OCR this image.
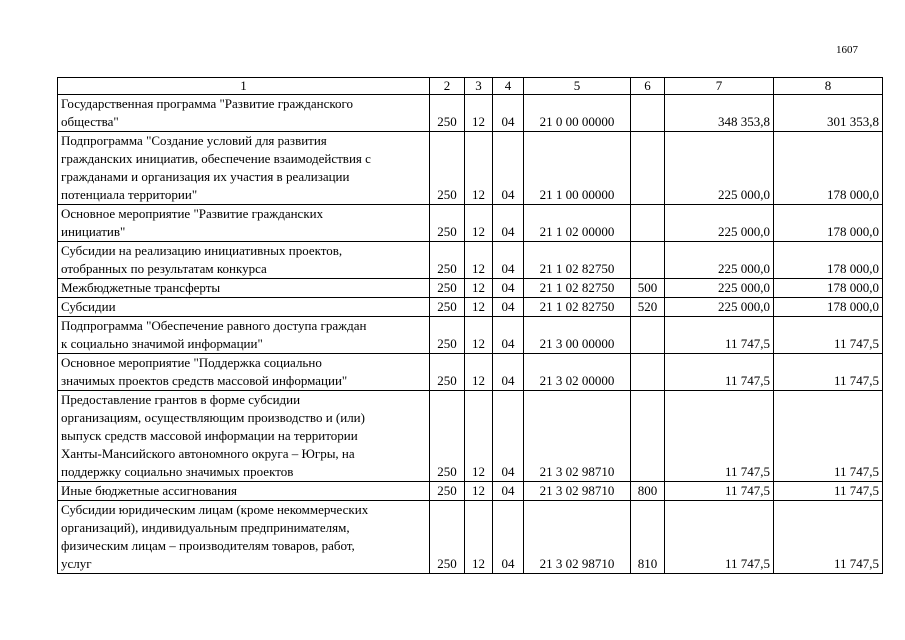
1607
1	2	3	4	5	6	7	8

Государственная программа "Развитие гражданского
общества"	250	12	04	21 0 00 00000		348 353,8	301 353,8

Подпрограмма "Создание условий для развития
гражданских инициатив, обеспечение взаимодействия с
гражданами и организация их участия в реализации
потенциала территории"	250	12	04	21 1 00 00000		225 000,0	178 000,0

Основное мероприятие "Развитие гражданских
инициатив"	250	12	04	21 1 02 00000		225 000,0	178 000,0

Субсидии на реализацию инициативных проектов,
отобранных по результатам конкурса	250	12	04	21 1 02 82750		225 000,0	178 000,0

Межбюджетные трансферты	250	12	04	21 1 02 82750	500	225 000,0	178 000,0

Субсидии	250	12	04	21 1 02 82750	520	225 000,0	178 000,0

Подпрограмма "Обеспечение равного доступа граждан
к социально значимой информации"	250	12	04	21 3 00 00000		11 747,5	11 747,5

Основное мероприятие "Поддержка социально
значимых проектов средств массовой информации"	250	12	04	21 3 02 00000		11 747,5	11 747,5

Предоставление грантов в форме субсидии
организациям, осуществляющим производство и (или)
выпуск средств массовой информации на территории
Ханты-Мансийского автономного округа – Югры, на
поддержку социально значимых проектов	250	12	04	21 3 02 98710		11 747,5	11 747,5

Иные бюджетные ассигнования	250	12	04	21 3 02 98710	800	11 747,5	11 747,5

Субсидии юридическим лицам (кроме некоммерческих
организаций), индивидуальным предпринимателям,
физическим лицам – производителям товаров, работ,
услуг	250	12	04	21 3 02 98710	810	11 747,5	11 747,5
